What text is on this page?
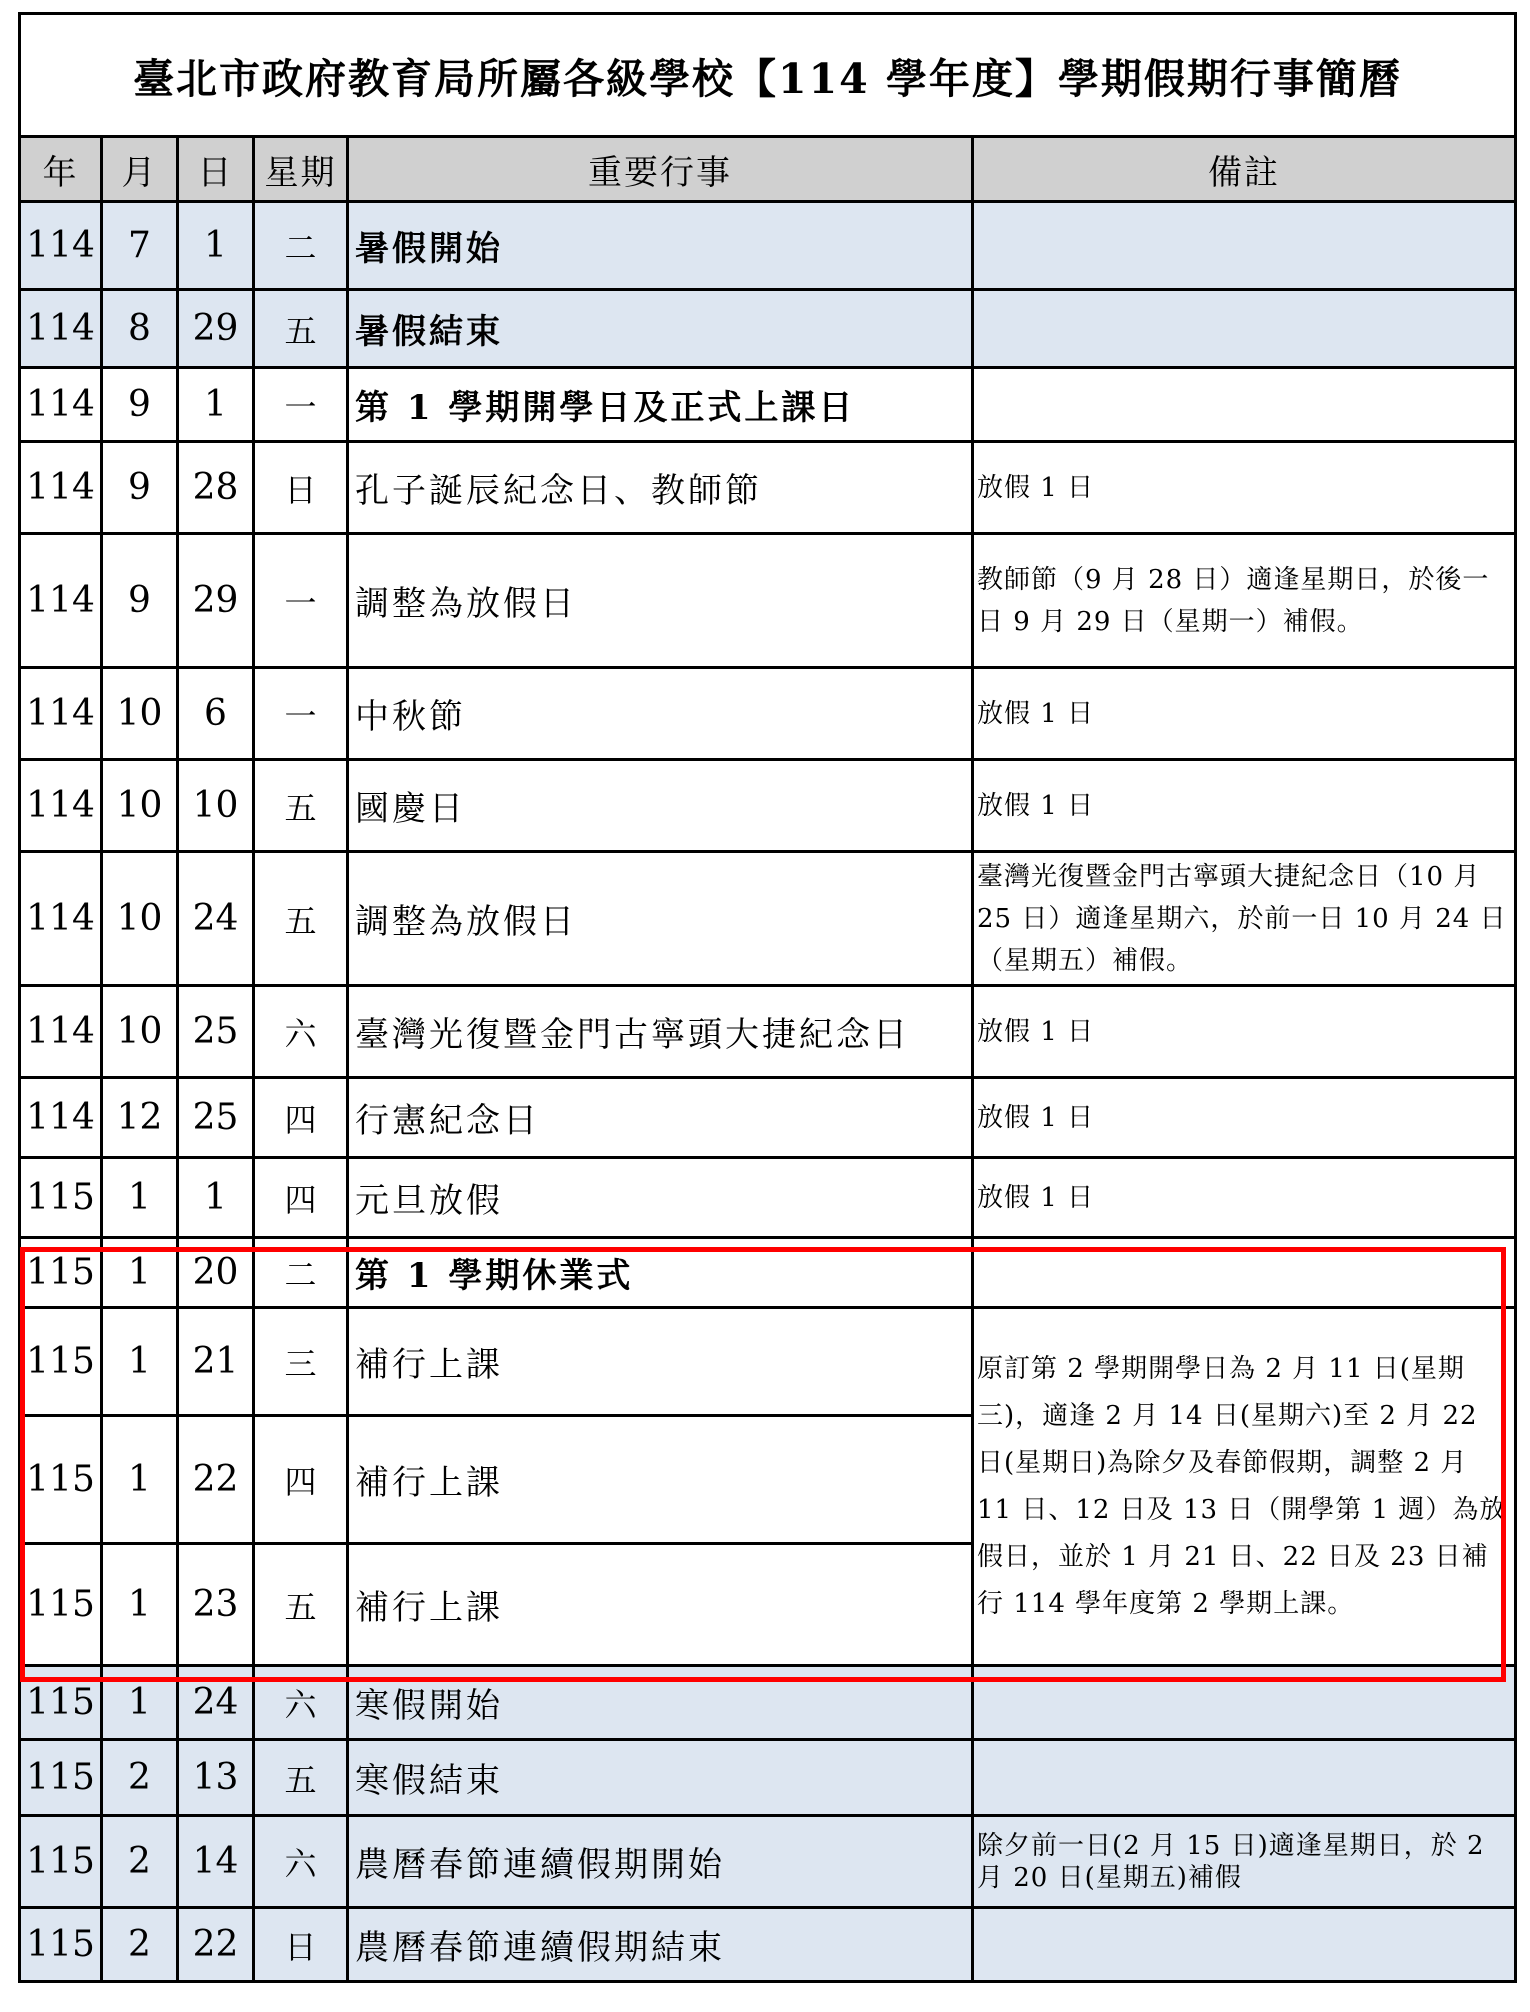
臺北市政府教育局所屬各級學校【114 學年度】學期假期行事簡曆					
年	月	日	星期	重要行事	備註
114	7	1	二	暑假開始	
114	8	29	五	暑假結束	
114	9	1	一	第 1 學期開學日及正式上課日	
114	9	28	日	孔子誕辰紀念日、教師節	放假 1 日
114	9	29	一	調整為放假日	教師節（9 月 28 日）適逢星期日，於後一日 9 月 29 日（星期一）補假。
114	10	6	一	中秋節	放假 1 日
114	10	10	五	國慶日	放假 1 日
114	10	24	五	調整為放假日	臺灣光復暨金門古寧頭大捷紀念日（10 月 25 日）適逢星期六，於前一日 10 月 24 日（星期五）補假。
114	10	25	六	臺灣光復暨金門古寧頭大捷紀念日	放假 1 日
114	12	25	四	行憲紀念日	放假 1 日
115	1	1	四	元旦放假	放假 1 日
115	1	20	二	第 1 學期休業式	
115	1	21	三	補行上課	原訂第 2 學期開學日為 2 月 11 日(星期三)，適逢 2 月 14 日(星期六)至 2 月 22 日(星期日)為除夕及春節假期，調整 2 月 11 日、12 日及 13 日（開學第 1 週）為放假日，並於 1 月 21 日、22 日及 23 日補行 114 學年度第 2 學期上課。
115	1	22	四	補行上課	
115	1	23	五	補行上課	
115	1	24	六	寒假開始	
115	2	13	五	寒假結束	
115	2	14	六	農曆春節連續假期開始	除夕前一日(2 月 15 日)適逢星期日，於 2 月 20 日(星期五)補假
115	2	22	日	農曆春節連續假期結束	
